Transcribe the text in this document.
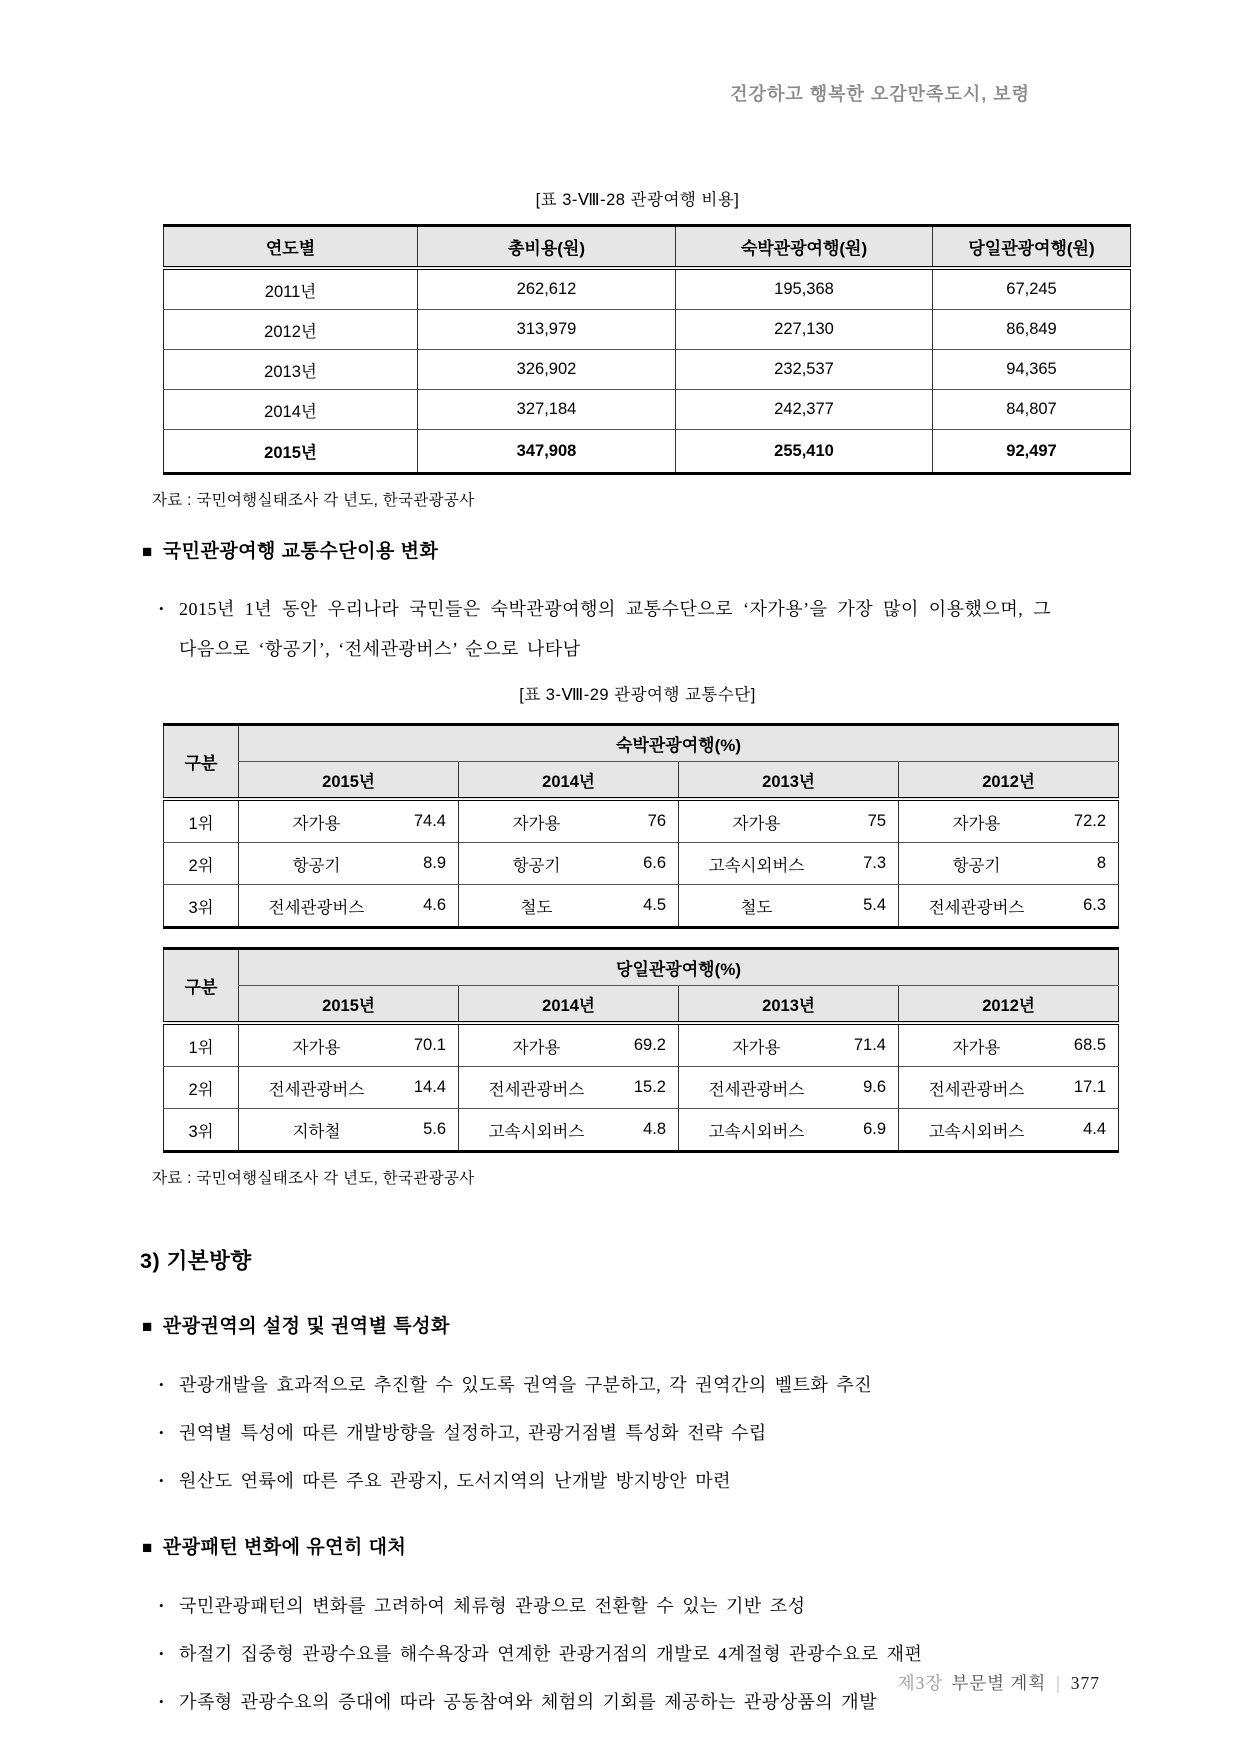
건강하고 행복한 오감만족도시, 보령
[표 3-Ⅷ-28 관광여행 비용]
연도별	총비용(원)	숙박관광여행(원)	당일관광여행(원)
2011년	262,612	195,368	67,245
2012년	313,979	227,130	86,849
2013년	326,902	232,537	94,365
2014년	327,184	242,377	84,807
2015년	347,908	255,410	92,497
자료 : 국민여행실태조사 각 년도, 한국관광공사
■ 국민관광여행 교통수단이용 변화
• 2015년 1년 동안 우리나라 국민들은 숙박관광여행의 교통수단으로 ‘자가용’을 가장 많이 이용했으며, 그 다음으로 ‘항공기’, ‘전세관광버스’ 순으로 나타남
[표 3-Ⅷ-29 관광여행 교통수단]
구분	숙박관광여행(%)			
	2015년	2014년	2013년	2012년
1위	자가용 74.4	자가용 76	자가용 75	자가용 72.2

2위	항공기 8.9	항공기 6.6	고속시외버스 7.3	항공기 8

3위	전세관광버스 4.6	철도 4.5	철도 5.4	전세관광버스 6.3
구분	당일관광여행(%)			
	2015년	2014년	2013년	2012년
1위	자가용 70.1	자가용 69.2	자가용 71.4	자가용 68.5

2위	전세관광버스 14.4	전세관광버스 15.2	전세관광버스 9.6	전세관광버스 17.1

3위	지하철 5.6	고속시외버스 4.8	고속시외버스 6.9	고속시외버스 4.4
자료 : 국민여행실태조사 각 년도, 한국관광공사
3) 기본방향
■ 관광권역의 설정 및 권역별 특성화
• 관광개발을 효과적으로 추진할 수 있도록 권역을 구분하고, 각 권역간의 벨트화 추진
• 권역별 특성에 따른 개발방향을 설정하고, 관광거점별 특성화 전략 수립
• 원산도 연륙에 따른 주요 관광지, 도서지역의 난개발 방지방안 마련
■ 관광패턴 변화에 유연히 대처
• 국민관광패턴의 변화를 고려하여 체류형 관광으로 전환할 수 있는 기반 조성
• 하절기 집중형 관광수요를 해수욕장과 연계한 관광거점의 개발로 4계절형 관광수요로 재편
• 가족형 관광수요의 증대에 따라 공동참여와 체험의 기회를 제공하는 관광상품의 개발
제3장 부문별 계획 | 377
